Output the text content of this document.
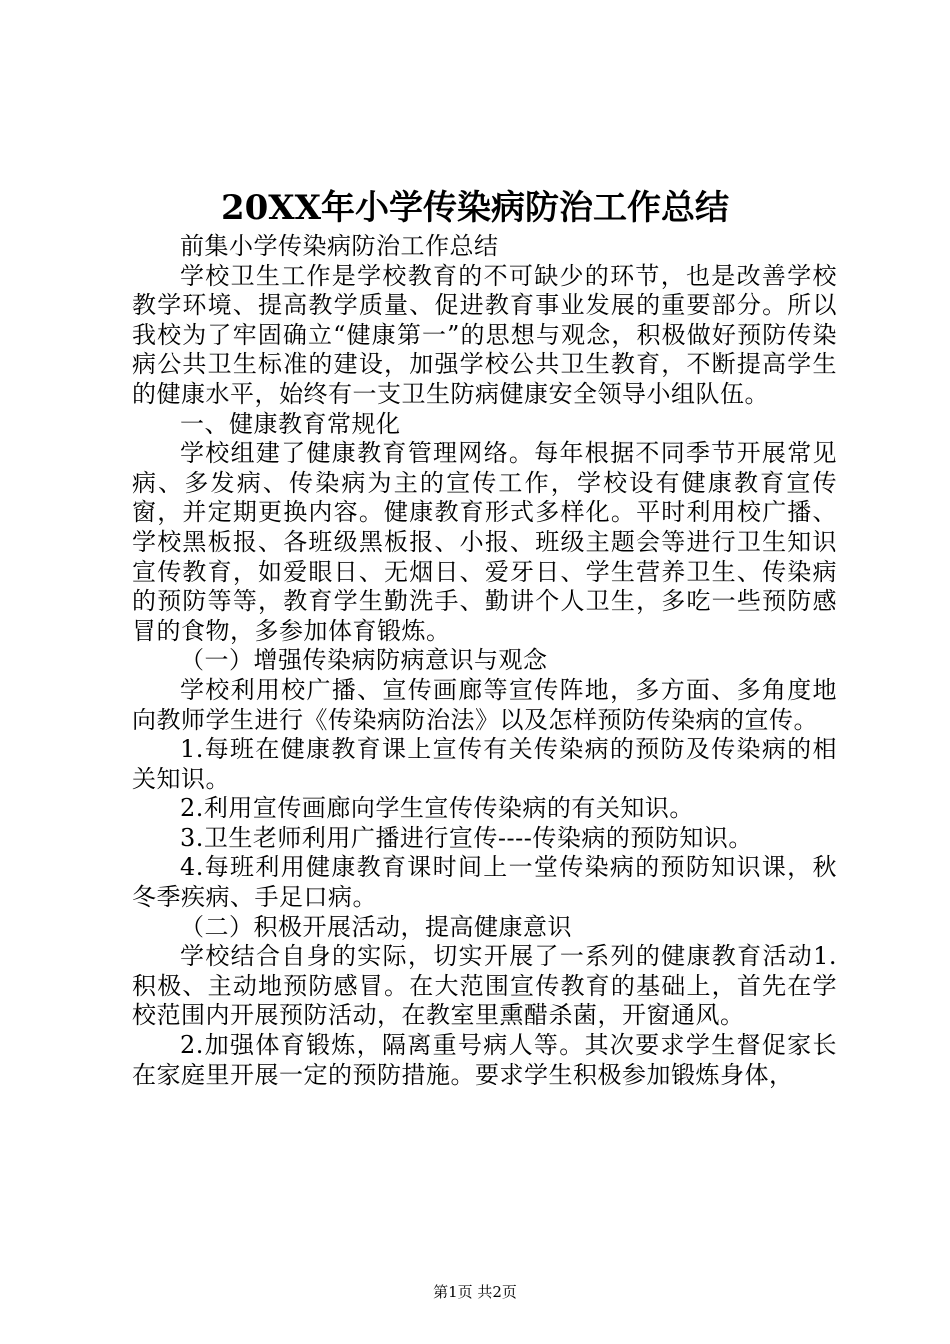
20XX年小学传染病防治工作总结

前集小学传染病防治工作总结

学校卫生工作是学校教育的不可缺少的环节，也是改善学校教学环境、提高教学质量、促进教育事业发展的重要部分。所以我校为了牢固确立“健康第一”的思想与观念，积极做好预防传染病公共卫生标准的建设，加强学校公共卫生教育，不断提高学生的健康水平，始终有一支卫生防病健康安全领导小组队伍。

一、健康教育常规化

学校组建了健康教育管理网络。每年根据不同季节开展常见病、多发病、传染病为主的宣传工作，学校设有健康教育宣传窗，并定期更换内容。健康教育形式多样化。平时利用校广播、学校黑板报、各班级黑板报、小报、班级主题会等进行卫生知识宣传教育，如爱眼日、无烟日、爱牙日、学生营养卫生、传染病的预防等等，教育学生勤洗手、勤讲个人卫生，多吃一些预防感冒的食物，多参加体育锻炼。

（一）增强传染病防病意识与观念

学校利用校广播、宣传画廊等宣传阵地，多方面、多角度地向教师学生进行《传染病防治法》以及怎样预防传染病的宣传。

1.每班在健康教育课上宣传有关传染病的预防及传染病的相关知识。

2.利用宣传画廊向学生宣传传染病的有关知识。

3.卫生老师利用广播进行宣传----传染病的预防知识。

4.每班利用健康教育课时间上一堂传染病的预防知识课，秋冬季疾病、手足口病。

（二）积极开展活动，提高健康意识

学校结合自身的实际，切实开展了一系列的健康教育活动1.积极、主动地预防感冒。在大范围宣传教育的基础上，首先在学校范围内开展预防活动，在教室里熏醋杀菌，开窗通风。

2.加强体育锻炼，隔离重号病人等。其次要求学生督促家长在家庭里开展一定的预防措施。要求学生积极参加锻炼身体，

第1页 共2页
